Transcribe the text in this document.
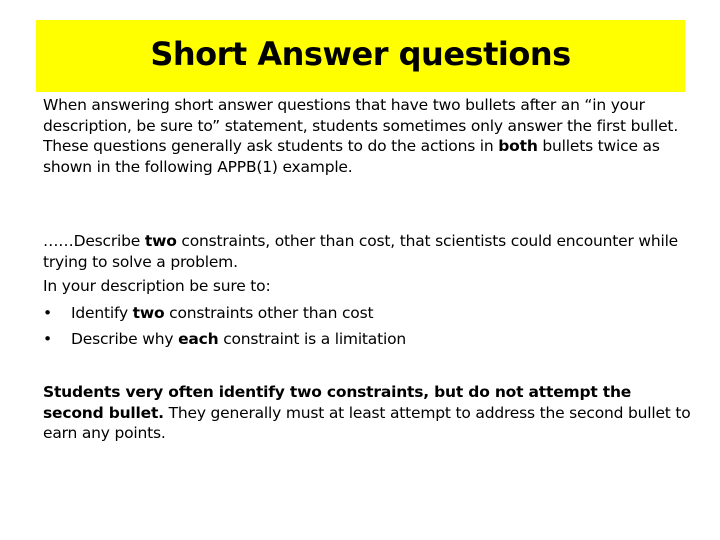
Short Answer questions
When answering short answer questions that have two bullets after an “in your description, be sure to” statement, students sometimes only answer the first bullet. These questions generally ask students to do the actions in both bullets twice as shown in the following APPB(1) example.
……Describe two constraints, other than cost, that scientists could encounter while trying to solve a problem.
In your description be sure to:
• Identify two constraints other than cost
• Describe why each constraint is a limitation
Students very often identify two constraints, but do not attempt the second bullet. They generally must at least attempt to address the second bullet to earn any points.
